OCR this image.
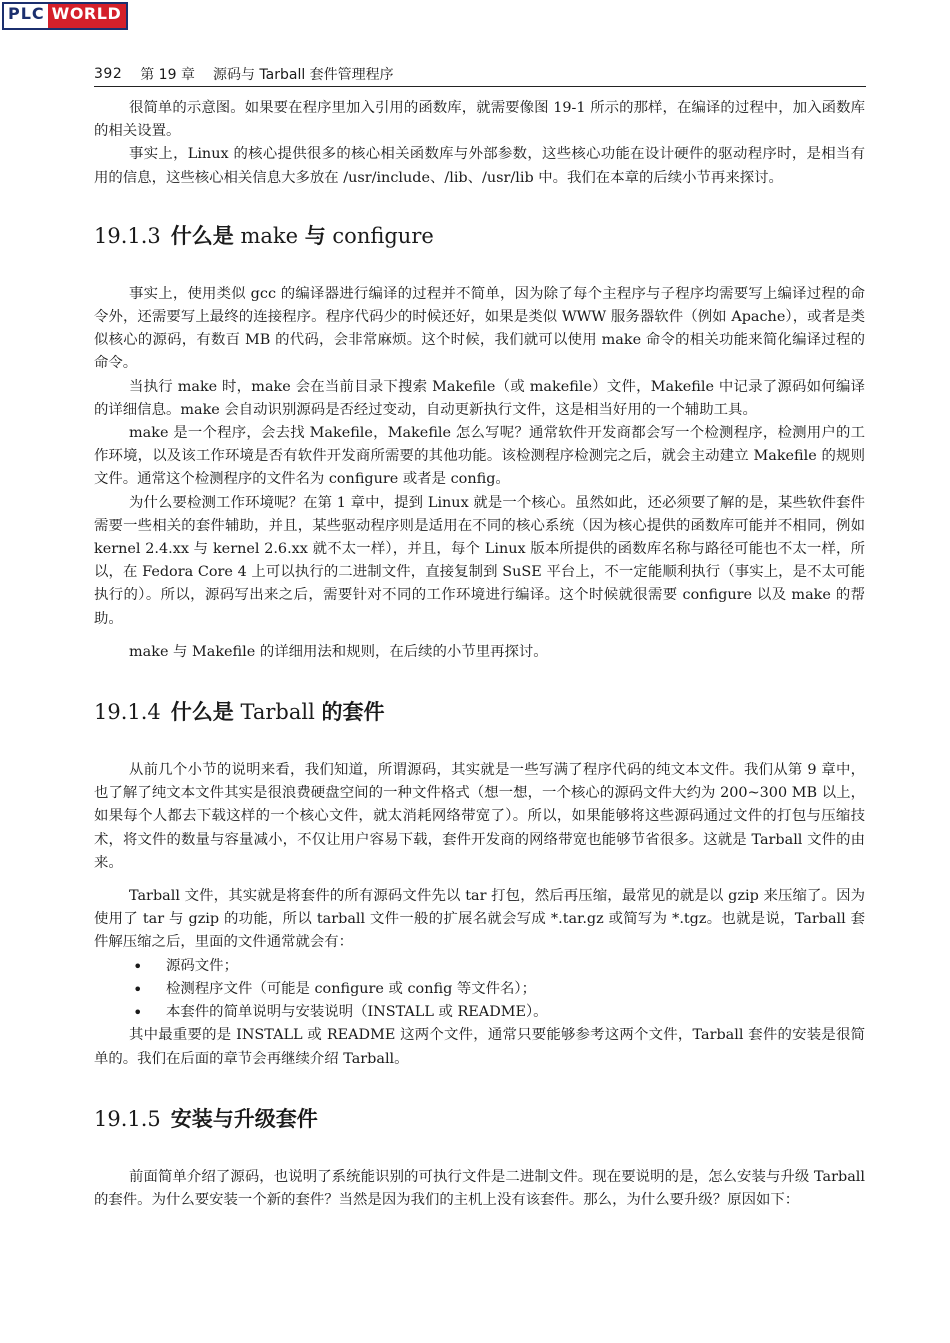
PLC WORLD
392 第 19 章 源码与 Tarball 套件管理程序

很简单的示意图。如果要在程序里加入引用的函数库，就需要像图 19-1 所示的那样，在编译的过程中，加入函数库的相关设置。

事实上，Linux 的核心提供很多的核心相关函数库与外部参数，这些核心功能在设计硬件的驱动程序时，是相当有用的信息，这些核心相关信息大多放在 /usr/include、/lib、/usr/lib 中。我们在本章的后续小节再来探讨。

19.1.3 什么是 make 与 configure

事实上，使用类似 gcc 的编译器进行编译的过程并不简单，因为除了每个主程序与子程序均需要写上编译过程的命令外，还需要写上最终的连接程序。程序代码少的时候还好，如果是类似 WWW 服务器软件（例如 Apache），或者是类似核心的源码，有数百 MB 的代码，会非常麻烦。这个时候，我们就可以使用 make 命令的相关功能来简化编译过程的命令。

当执行 make 时，make 会在当前目录下搜索 Makefile（或 makefile）文件，Makefile 中记录了源码如何编译的详细信息。make 会自动识别源码是否经过变动，自动更新执行文件，这是相当好用的一个辅助工具。

make 是一个程序，会去找 Makefile，Makefile 怎么写呢？通常软件开发商都会写一个检测程序，检测用户的工作环境，以及该工作环境是否有软件开发商所需要的其他功能。该检测程序检测完之后，就会主动建立 Makefile 的规则文件。通常这个检测程序的文件名为 configure 或者是 config。

为什么要检测工作环境呢？在第 1 章中，提到 Linux 就是一个核心。虽然如此，还必须要了解的是，某些软件套件需要一些相关的套件辅助，并且，某些驱动程序则是适用在不同的核心系统（因为核心提供的函数库可能并不相同，例如 kernel 2.4.xx 与 kernel 2.6.xx 就不太一样），并且，每个 Linux 版本所提供的函数库名称与路径可能也不太一样，所以，在 Fedora Core 4 上可以执行的二进制文件，直接复制到 SuSE 平台上，不一定能顺利执行（事实上，是不太可能执行的）。所以，源码写出来之后，需要针对不同的工作环境进行编译。这个时候就很需要 configure 以及 make 的帮助。

make 与 Makefile 的详细用法和规则，在后续的小节里再探讨。

19.1.4 什么是 Tarball 的套件

从前几个小节的说明来看，我们知道，所谓源码，其实就是一些写满了程序代码的纯文本文件。我们从第 9 章中，也了解了纯文本文件其实是很浪费硬盘空间的一种文件格式（想一想，一个核心的源码文件大约为 200~300 MB 以上，如果每个人都去下载这样的一个核心文件，就太消耗网络带宽了）。所以，如果能够将这些源码通过文件的打包与压缩技术，将文件的数量与容量减小，不仅让用户容易下载，套件开发商的网络带宽也能够节省很多。这就是 Tarball 文件的由来。

Tarball 文件，其实就是将套件的所有源码文件先以 tar 打包，然后再压缩，最常见的就是以 gzip 来压缩了。因为使用了 tar 与 gzip 的功能，所以 tarball 文件一般的扩展名就会写成 *.tar.gz 或简写为 *.tgz。也就是说，Tarball 套件解压缩之后，里面的文件通常就会有：

• 源码文件；
• 检测程序文件（可能是 configure 或 config 等文件名）；
• 本套件的简单说明与安装说明（INSTALL 或 README）。

其中最重要的是 INSTALL 或 README 这两个文件，通常只要能够参考这两个文件，Tarball 套件的安装是很简单的。我们在后面的章节会再继续介绍 Tarball。

19.1.5 安装与升级套件

前面简单介绍了源码，也说明了系统能识别的可执行文件是二进制文件。现在要说明的是，怎么安装与升级 Tarball 的套件。为什么要安装一个新的套件？当然是因为我们的主机上没有该套件。那么，为什么要升级？原因如下：
